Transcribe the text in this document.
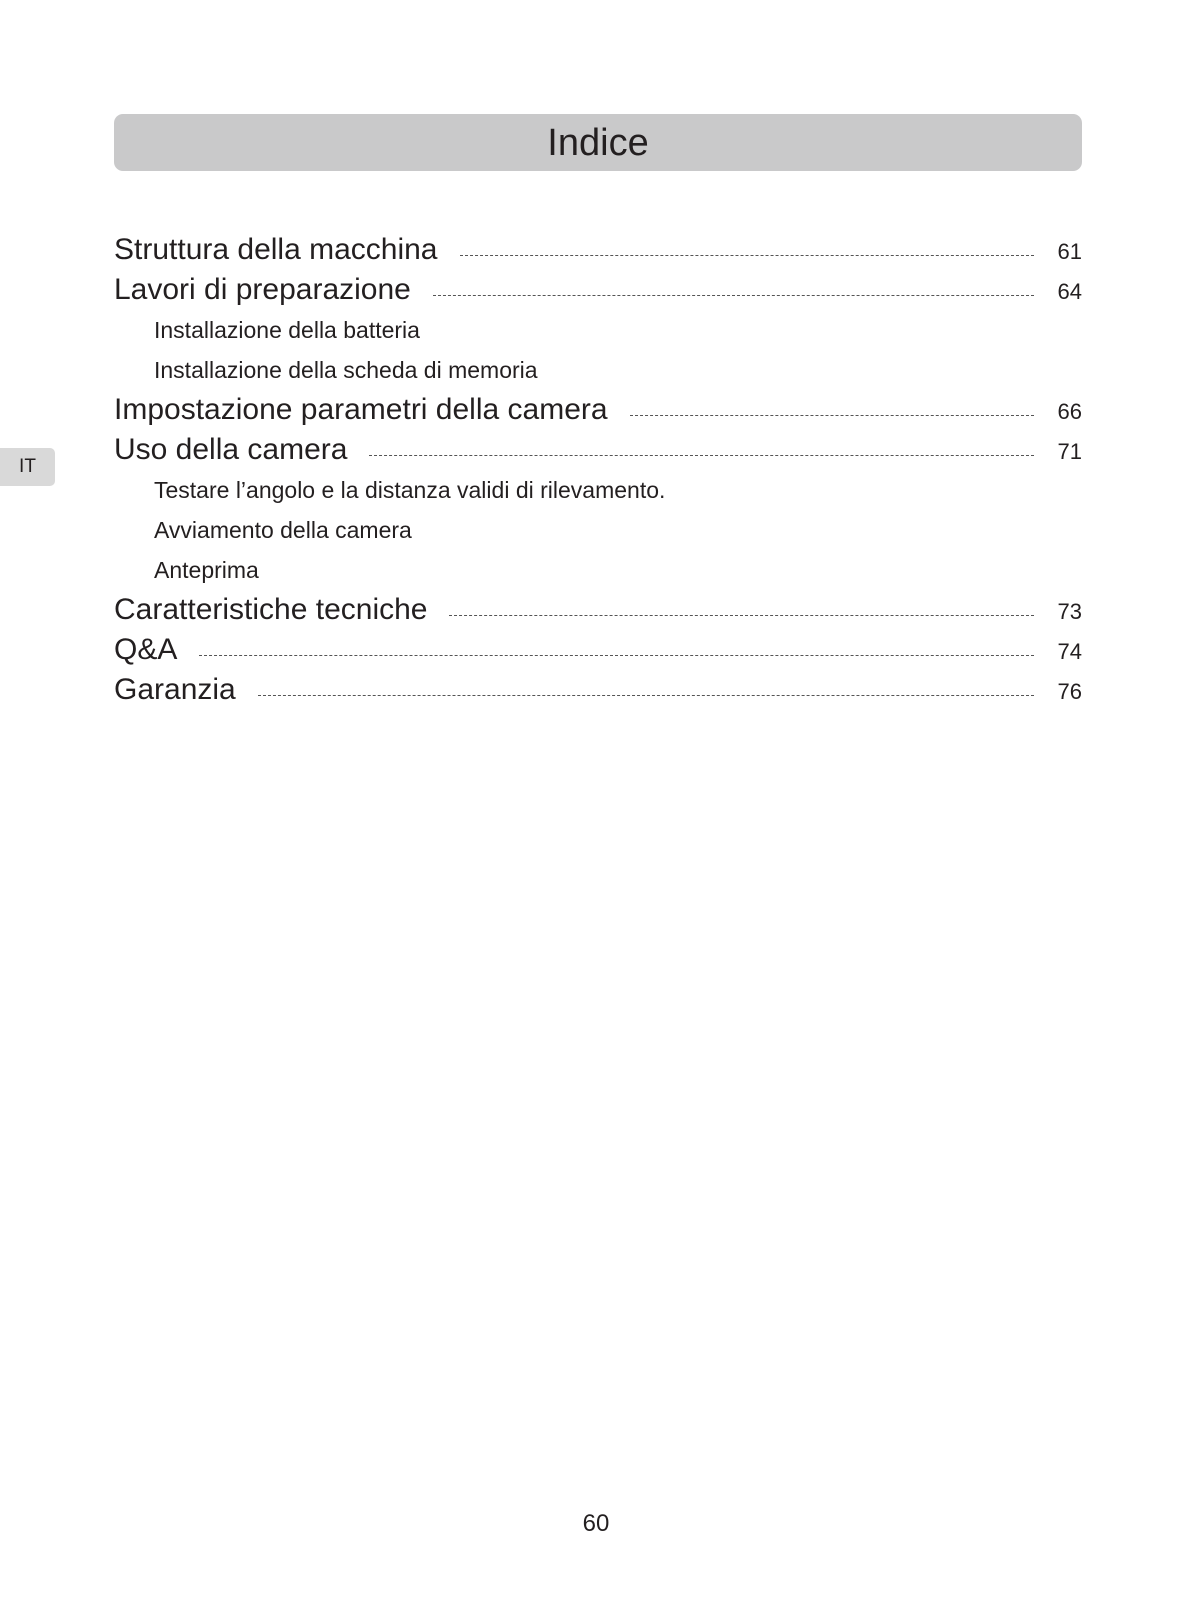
Indice
IT
Struttura della macchina	61
Lavori di preparazione	64
Installazione della batteria
Installazione della scheda di memoria
Impostazione parametri della camera	66
Uso della camera	71
Testare l’angolo e la distanza validi di rilevamento.
Avviamento della camera
Anteprima
Caratteristiche tecniche	73
Q&A	74
Garanzia	76
60
